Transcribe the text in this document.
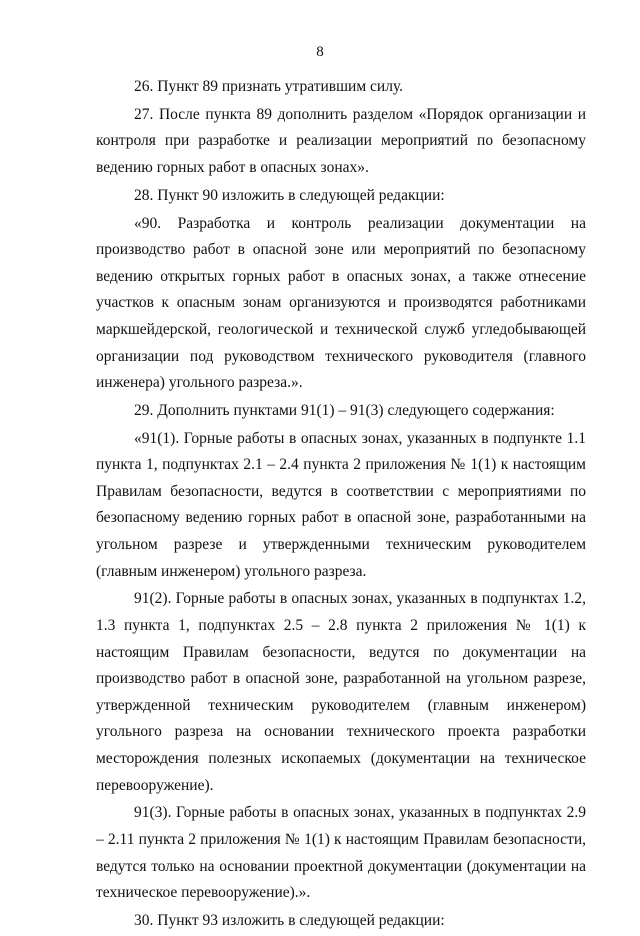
8

26. Пункт 89 признать утратившим силу.

27. После пункта 89 дополнить разделом «Порядок организации и контроля при разработке и реализации мероприятий по безопасному ведению горных работ в опасных зонах».

28. Пункт 90 изложить в следующей редакции:

«90. Разработка и контроль реализации документации на производство работ в опасной зоне или мероприятий по безопасному ведению открытых горных работ в опасных зонах, а также отнесение участков к опасным зонам организуются и производятся работниками маркшейдерской, геологической и технической служб угледобывающей организации под руководством технического руководителя (главного инженера) угольного разреза.».

29. Дополнить пунктами 91(1) – 91(3) следующего содержания:

«91(1). Горные работы в опасных зонах, указанных в подпункте 1.1 пункта 1, подпунктах 2.1 – 2.4 пункта 2 приложения № 1(1) к настоящим Правилам безопасности, ведутся в соответствии с мероприятиями по безопасному ведению горных работ в опасной зоне, разработанными на угольном разрезе и утвержденными техническим руководителем (главным инженером) угольного разреза.

91(2). Горные работы в опасных зонах, указанных в подпунктах 1.2, 1.3 пункта 1, подпунктах 2.5 – 2.8 пункта 2 приложения № 1(1) к настоящим Правилам безопасности, ведутся по документации на производство работ в опасной зоне, разработанной на угольном разрезе, утвержденной техническим руководителем (главным инженером) угольного разреза на основании технического проекта разработки месторождения полезных ископаемых (документации на техническое перевооружение).

91(3). Горные работы в опасных зонах, указанных в подпунктах 2.9 – 2.11 пункта 2 приложения № 1(1) к настоящим Правилам безопасности, ведутся только на основании проектной документации (документации на техническое перевооружение).».

30. Пункт 93 изложить в следующей редакции:
